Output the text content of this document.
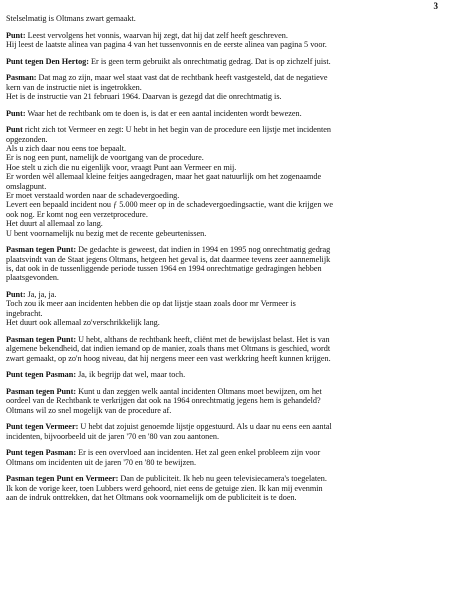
3
Stelselmatig is Oltmans zwart gemaakt.
Punt: Leest vervolgens het vonnis, waarvan hij zegt, dat hij dat zelf heeft geschreven.
Hij leest de laatste alinea van pagina 4 van het tussenvonnis en de eerste alinea van pagina 5 voor.
Punt tegen Den Hertog: Er is geen term gebruikt als onrechtmatig gedrag. Dat is op zichzelf juist.
Pasman: Dat mag zo zijn, maar wel staat vast dat de rechtbank heeft vastgesteld, dat de negatieve
kern van de instructie niet is ingetrokken.
Het is de instructie van 21 februari 1964. Daarvan is gezegd dat die onrechtmatig is.
Punt: Waar het de rechtbank om te doen is, is dat er een aantal incidenten wordt bewezen.
Punt richt zich tot Vermeer en zegt: U hebt in het begin van de procedure een lijstje met incidenten
opgezonden.
Als u zich daar nou eens toe bepaalt.
Er is nog een punt, namelijk de voortgang van de procedure.
Hoe stelt u zich die nu eigenlijk voor, vraagt Punt aan Vermeer en mij.
Er worden wèl allemaal kleine feitjes aangedragen, maar het gaat natuurlijk om het zogenaamde
omslagpunt.
Er moet verstaald worden naar de schadevergoeding.
Levert een bepaald incident nou ƒ 5.000 meer op in de schadevergoedingsactie, want die krijgen we
ook nog. Er komt nog een verzetprocedure.
Het duurt al allemaal zo lang.
U bent voornamelijk nu bezig met de recente gebeurtenissen.
Pasman tegen Punt: De gedachte is geweest, dat indien in 1994 en 1995 nog onrechtmatig gedrag
plaatsvindt van de Staat jegens Oltmans, hetgeen het geval is, dat daarmee tevens zeer aannemelijk
is, dat ook in de tussenliggende periode tussen 1964 en 1994 onrechtmatige gedragingen hebben
plaatsgevonden.
Punt: Ja, ja, ja.
Toch zou ik meer aan incidenten hebben die op dat lijstje staan zoals door mr Vermeer is
ingebracht.
Het duurt ook allemaal zo'verschrikkelijk lang.
Pasman tegen Punt: U hebt, althans de rechtbank heeft, cliënt met de bewijslast belast. Het is van
algemene bekendheid, dat indien iemand op de manier, zoals thans met Oltmans is geschied, wordt
zwart gemaakt, op zo'n hoog niveau, dat hij nergens meer een vast werkkring heeft kunnen krijgen.
Punt tegen Pasman: Ja, ik begrijp dat wel, maar toch.
Pasman tegen Punt: Kunt u dan zeggen welk aantal incidenten Oltmans moet bewijzen, om het
oordeel van de Rechtbank te verkrijgen dat ook na 1964 onrechtmatig jegens hem is gehandeld?
Oltmans wil zo snel mogelijk van de procedure af.
Punt tegen Vermeer: U hebt dat zojuist genoemde lijstje opgestuurd. Als u daar nu eens een aantal
incidenten, bijvoorbeeld uit de jaren '70 en '80 van zou aantonen.
Punt tegen Pasman: Er is een overvloed aan incidenten. Het zal geen enkel probleem zijn voor
Oltmans om incidenten uit de jaren '70 en '80 te bewijzen.
Pasman tegen Punt en Vermeer: Dan de publiciteit. Ik heb nu geen televisiecamera's toegelaten.
Ik kon de vorige keer, toen Lubbers werd gehoord, niet eens de getuige zien. Ik kan mij evenmin
aan de indruk onttrekken, dat het Oltmans ook voornamelijk om de publiciteit is te doen.
